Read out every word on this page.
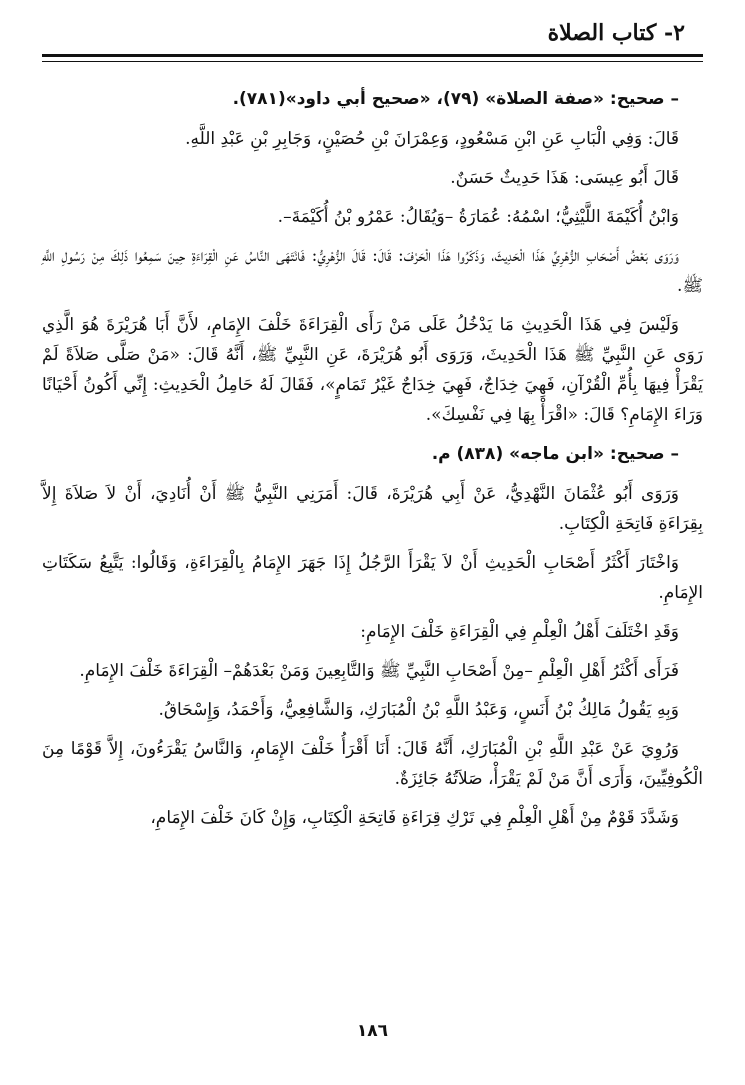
٢- كتاب الصلاة

– صحيح: «صفة الصلاة» (٧٩)، «صحيح أبي داود»(٧٨١).

قَالَ: وَفِي الْبَابِ عَنِ ابْنِ مَسْعُودٍ، وَعِمْرَانَ بْنِ حُصَيْنٍ، وَجَابِرِ بْنِ عَبْدِ اللَّهِ.

قَالَ أَبُو عِيسَى: هَذَا حَدِيثٌ حَسَنٌ.

وَابْنُ أُكَيْمَةَ اللَّيْثِيُّ؛ اسْمُهُ: عُمَارَةُ –وَيُقَالُ: عَمْرُو بْنُ أُكَيْمَةَ–.

وَرَوَى بَعْضُ أَصْحَابِ الزُّهْرِيِّ هَذَا الْحَدِيثَ، وَذَكَرُوا هَذَا الْحَرْفَ: قَالَ: قَالَ الزُّهْرِيُّ: فَانْتَهَى النَّاسُ عَنِ الْقِرَاءَةِ حِينَ سَمِعُوا ذَلِكَ مِنْ رَسُولِ اللَّهِ ﷺ.

وَلَيْسَ فِي هَذَا الْحَدِيثِ مَا يَدْخُلُ عَلَى مَنْ رَأَى الْقِرَاءَةَ خَلْفَ الإِمَامِ، لأَنَّ أَبَا هُرَيْرَةَ هُوَ الَّذِي رَوَى عَنِ النَّبِيِّ ﷺ هَذَا الْحَدِيثَ، وَرَوَى أَبُو هُرَيْرَةَ، عَنِ النَّبِيِّ ﷺ، أَنَّهُ قَالَ: «مَنْ صَلَّى صَلاَةً لَمْ يَقْرَأْ فِيهَا بِأُمِّ الْقُرْآنِ، فَهِيَ خِدَاجٌ، فَهِيَ خِدَاجٌ غَيْرُ تَمَامٍ»، فَقَالَ لَهُ حَامِلُ الْحَدِيثِ: إِنِّي أَكُونُ أَحْيَانًا وَرَاءَ الإِمَامِ؟ قَالَ: «اقْرَأْ بِهَا فِي نَفْسِكَ».

– صحيح: «ابن ماجه» (٨٣٨) م.

وَرَوَى أَبُو عُثْمَانَ النَّهْدِيُّ، عَنْ أَبِي هُرَيْرَةَ، قَالَ: أَمَرَنِي النَّبِيُّ ﷺ أَنْ أُنَادِيَ، أَنْ لاَ صَلاَةَ إِلاَّ بِقِرَاءَةِ فَاتِحَةِ الْكِتَابِ.

وَاخْتَارَ أَكْثَرُ أَصْحَابِ الْحَدِيثِ أَنْ لاَ يَقْرَأَ الرَّجُلُ إِذَا جَهَرَ الإِمَامُ بِالْقِرَاءَةِ، وَقَالُوا: يَتَّبِعُ سَكَتَاتِ الإِمَامِ.

وَقَدِ اخْتَلَفَ أَهْلُ الْعِلْمِ فِي الْقِرَاءَةِ خَلْفَ الإِمَامِ:

فَرَأَى أَكْثَرُ أَهْلِ الْعِلْمِ –مِنْ أَصْحَابِ النَّبِيِّ ﷺ وَالتَّابِعِينَ وَمَنْ بَعْدَهُمْ– الْقِرَاءَةَ خَلْفَ الإِمَامِ.

وَبِهِ يَقُولُ مَالِكُ بْنُ أَنَسٍ، وَعَبْدُ اللَّهِ بْنُ الْمُبَارَكِ، وَالشَّافِعِيُّ، وَأَحْمَدُ، وَإِسْحَاقُ.

وَرُوِيَ عَنْ عَبْدِ اللَّهِ بْنِ الْمُبَارَكِ، أَنَّهُ قَالَ: أَنَا أَقْرَأُ خَلْفَ الإِمَامِ، وَالنَّاسُ يَقْرَءُونَ، إِلاَّ قَوْمًا مِنَ الْكُوفِيِّينَ، وَأَرَى أَنَّ مَنْ لَمْ يَقْرَأْ، صَلاَتُهُ جَائِزَةٌ.

وَشَدَّدَ قَوْمٌ مِنْ أَهْلِ الْعِلْمِ فِي تَرْكِ قِرَاءَةِ فَاتِحَةِ الْكِتَابِ، وَإِنْ كَانَ خَلْفَ الإِمَامِ،

١٨٦
